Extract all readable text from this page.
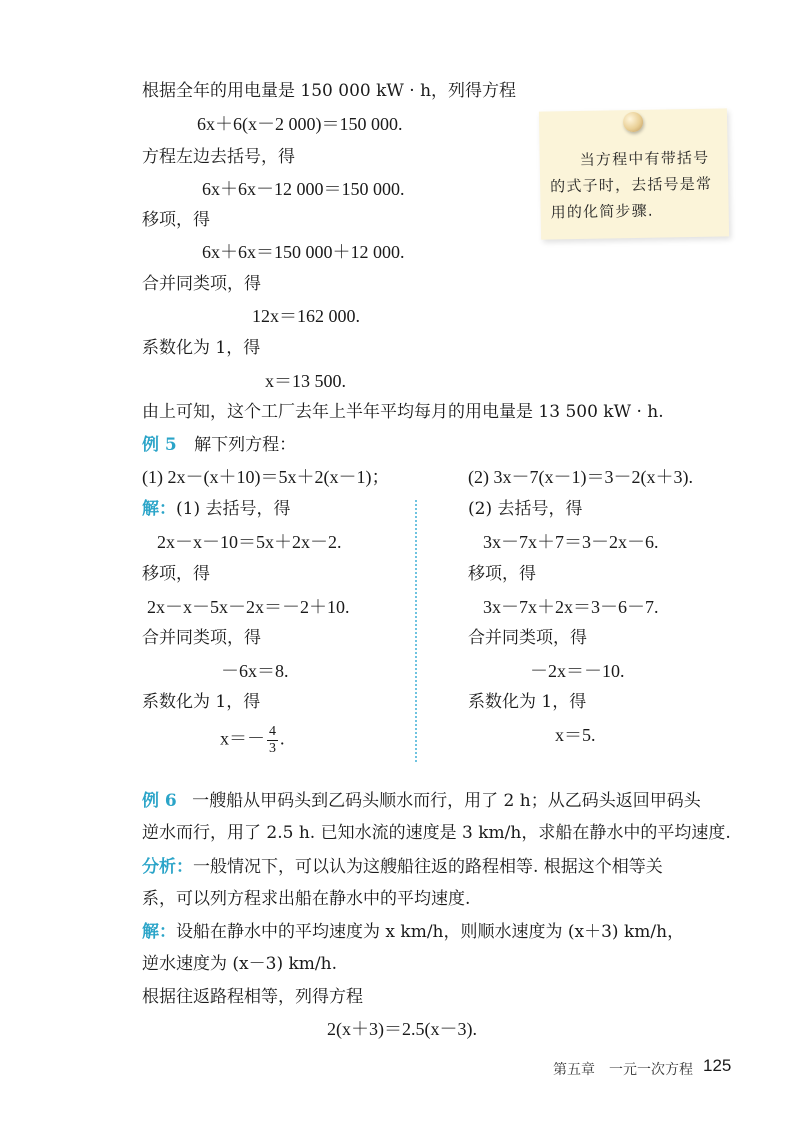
根据全年的用电量是 150 000 kW · h，列得方程
6x＋6(x－2 000)＝150 000.
方程左边去括号，得
6x＋6x－12 000＝150 000.
移项，得
6x＋6x＝150 000＋12 000.
合并同类项，得
12x＝162 000.
系数化为 1，得
x＝13 500.
由上可知，这个工厂去年上半年平均每月的用电量是 13 500 kW · h.
当方程中有带括号的式子时，去括号是常用的化简步骤.
例 5 解下列方程：
(1) 2x－(x＋10)＝5x＋2(x－1)；	(2) 3x－7(x－1)＝3－2(x＋3).
解：(1) 去括号，得
2x－x－10＝5x＋2x－2.
移项，得
2x－x－5x－2x＝－2＋10.
合并同类项，得
－6x＝8.
系数化为 1，得
$x=- \frac{4}{3}$ .
(2) 去括号，得
3x－7x＋7＝3－2x－6.
移项，得
3x－7x＋2x＝3－6－7.
合并同类项，得
－2x＝－10.
系数化为 1，得
x＝5.
例 6 一艘船从甲码头到乙码头顺水而行，用了 2 h；从乙码头返回甲码头
逆水而行，用了 2.5 h. 已知水流的速度是 3 km/h，求船在静水中的平均速度.
分析：一般情况下，可以认为这艘船往返的路程相等. 根据这个相等关
系，可以列方程求出船在静水中的平均速度.
解：设船在静水中的平均速度为 x km/h，则顺水速度为 (x＋3) km/h，
逆水速度为 (x－3) km/h.
根据往返路程相等，列得方程
2(x＋3)＝2.5(x－3).
第五章　一元一次方程 125
